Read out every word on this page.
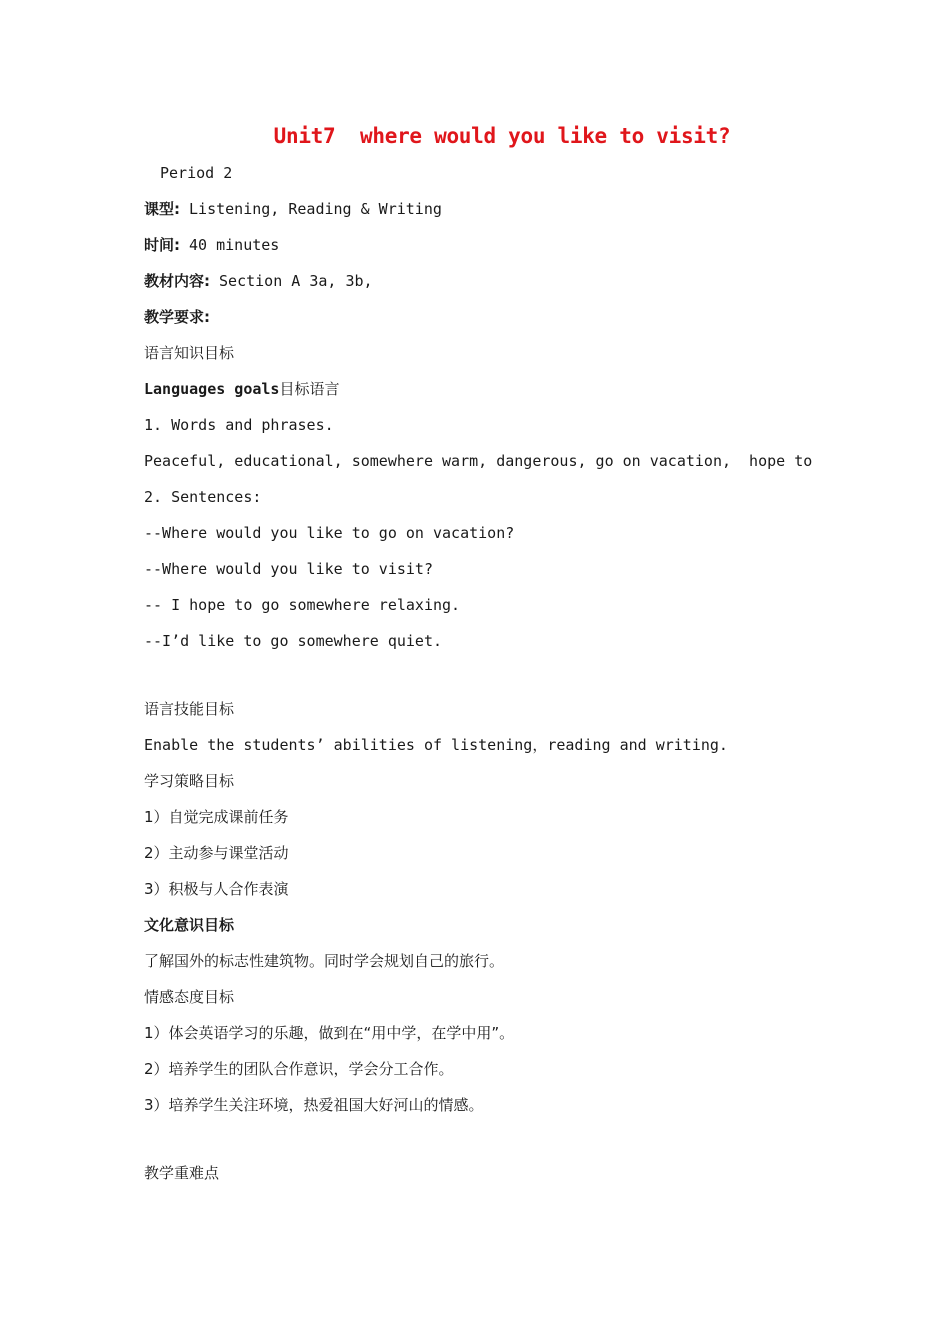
Unit7  where would you like to visit?
Period 2
课型: Listening, Reading & Writing
时间: 40 minutes
教材内容: Section A 3a, 3b,
教学要求:
语言知识目标
Languages goals目标语言
1. Words and phrases.
Peaceful, educational, somewhere warm, dangerous, go on vacation,  hope to
2. Sentences:
--Where would you like to go on vacation?
--Where would you like to visit?
-- I hope to go somewhere relaxing.
--I’d like to go somewhere quiet.
语言技能目标
Enable the students’ abilities of listening，reading and writing.
学习策略目标
1）自觉完成课前任务
2）主动参与课堂活动
3）积极与人合作表演
文化意识目标
了解国外的标志性建筑物。同时学会规划自己的旅行。
情感态度目标
1）体会英语学习的乐趣，做到在“用中学，在学中用”。
2）培养学生的团队合作意识，学会分工合作。
3）培养学生关注环境，热爱祖国大好河山的情感。
教学重难点
